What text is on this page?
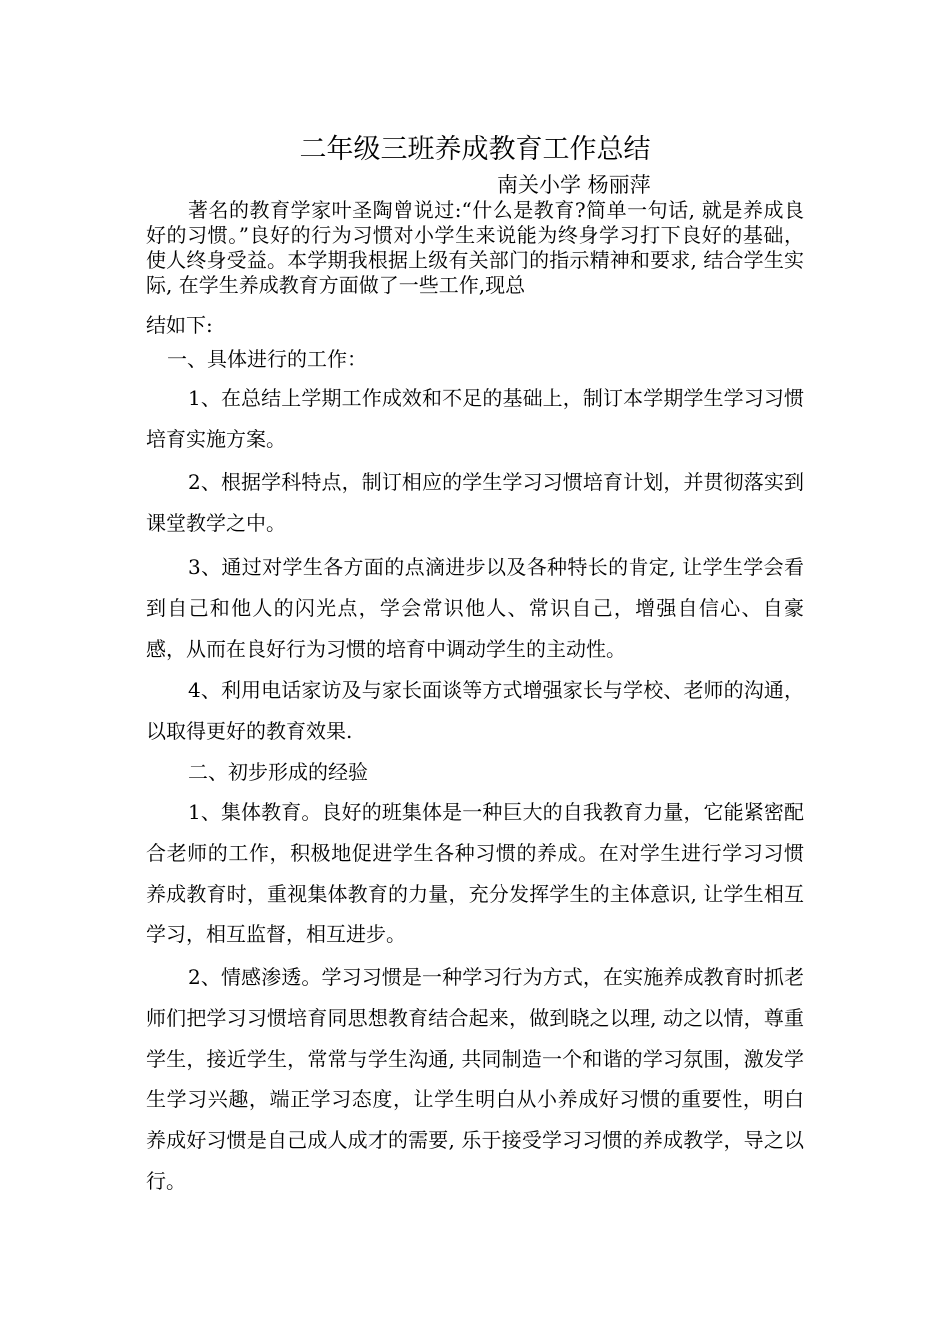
二年级三班养成教育工作总结
南关小学 杨丽萍

著名的教育学家叶圣陶曾说过:“什么是教育?简单一句话, 就是养成良好的习惯。”良好的行为习惯对小学生来说能为终身学习打下良好的基础，使人终身受益。本学期我根据上级有关部门的指示精神和要求, 结合学生实际, 在学生养成教育方面做了一些工作,现总

结如下:

一、具体进行的工作：

1、在总结上学期工作成效和不足的基础上，制订本学期学生学习习惯培育实施方案。

2、根据学科特点，制订相应的学生学习习惯培育计划，并贯彻落实到课堂教学之中。

3、通过对学生各方面的点滴进步以及各种特长的肯定, 让学生学会看到自己和他人的闪光点，学会常识他人、常识自己，增强自信心、自豪感，从而在良好行为习惯的培育中调动学生的主动性。

4、利用电话家访及与家长面谈等方式增强家长与学校、老师的沟通，以取得更好的教育效果.

二、初步形成的经验

1、集体教育。良好的班集体是一种巨大的自我教育力量，它能紧密配合老师的工作，积极地促进学生各种习惯的养成。在对学生进行学习习惯养成教育时，重视集体教育的力量，充分发挥学生的主体意识, 让学生相互学习，相互监督，相互进步。

2、情感渗透。学习习惯是一种学习行为方式，在实施养成教育时抓老师们把学习习惯培育同思想教育结合起来，做到晓之以理, 动之以情，尊重学生，接近学生，常常与学生沟通, 共同制造一个和谐的学习氛围，激发学生学习兴趣，端正学习态度，让学生明白从小养成好习惯的重要性，明白养成好习惯是自己成人成才的需要, 乐于接受学习习惯的养成教学，导之以行。
